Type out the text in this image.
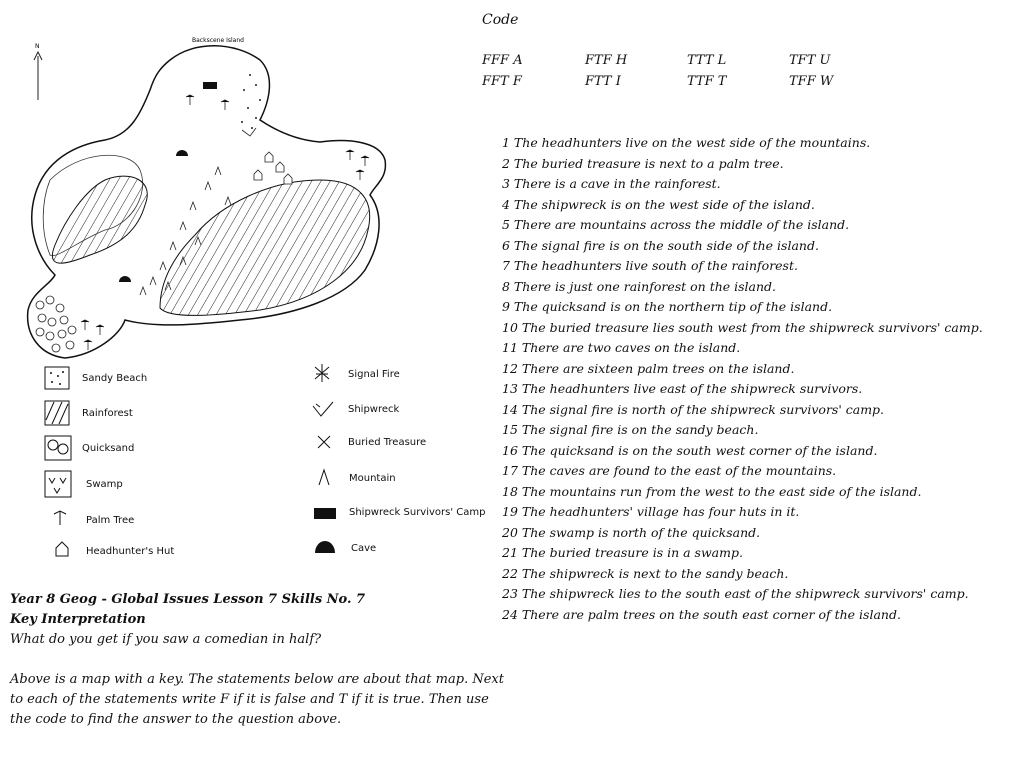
N
Backscene Island
Sandy Beach
Rainforest
Quicksand
Swamp
Palm Tree
Headhunter's Hut
Signal Fire
Shipwreck
Buried Treasure
Mountain
Shipwreck Survivors' Camp
Cave
Code
FFF A	FTF H	TTT L	TFT U
FFT F	FTT I	TTF T	TFF W
1 The headhunters live on the west side of the mountains.
2 The buried treasure is next to a palm tree.
3 There is a cave in the rainforest.
4 The shipwreck is on the west side of the island.
5 There are mountains across the middle of the island.
6 The signal fire is on the south side of the island.
7 The headhunters live south of the rainforest.
8 There is just one rainforest on the island.
9 The quicksand is on the northern tip of the island.
10 The buried treasure lies south west from the shipwreck survivors' camp.
11 There are two caves on the island.
12 There are sixteen palm trees on the island.
13 The headhunters live east of the shipwreck survivors.
14 The signal fire is north of the shipwreck survivors' camp.
15 The signal fire is on the sandy beach.
16 The quicksand is on the south west corner of the island.
17 The caves are found to the east of the mountains.
18 The mountains run from the west to the east side of the island.
19 The headhunters' village has four huts in it.
20 The swamp is north of the quicksand.
21 The buried treasure is in a swamp.
22 The shipwreck is next to the sandy beach.
23 The shipwreck lies to the south east of the shipwreck survivors' camp.
24 There are palm trees on the south east corner of the island.
Year 8 Geog - Global Issues Lesson 7 Skills No. 7
Key Interpretation
What do you get if you saw a comedian in half?
Above is a map with a key. The statements below are about that map. Next to each of the statements write F if it is false and T if it is true. Then use the code to find the answer to the question above.
